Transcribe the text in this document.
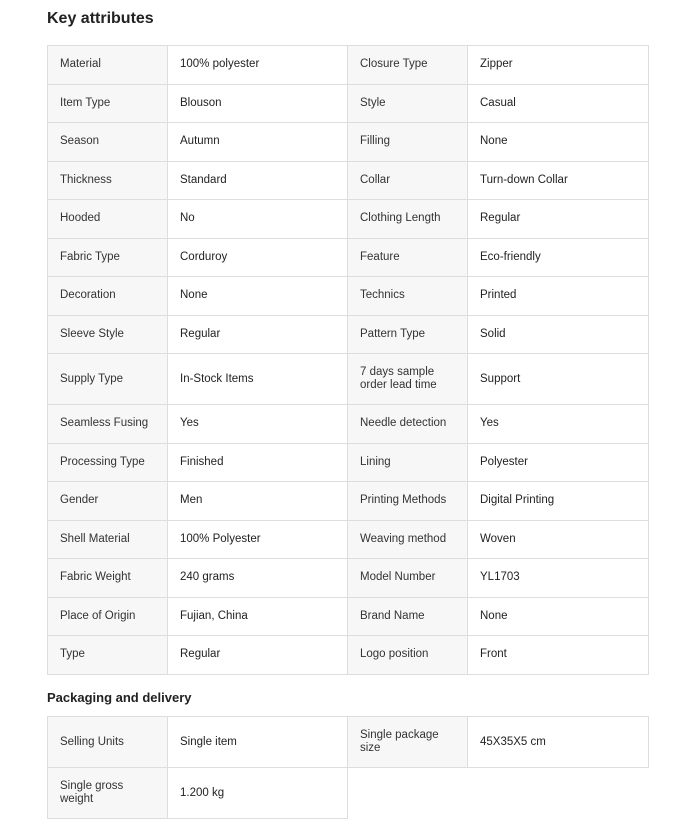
Key attributes
Material	100% polyester	Closure Type	Zipper
Item Type	Blouson	Style	Casual
Season	Autumn	Filling	None
Thickness	Standard	Collar	Turn-down Collar
Hooded	No	Clothing Length	Regular
Fabric Type	Corduroy	Feature	Eco-friendly
Decoration	None	Technics	Printed
Sleeve Style	Regular	Pattern Type	Solid
Supply Type	In-Stock Items	7 days sample order lead time	Support
Seamless Fusing	Yes	Needle detection	Yes
Processing Type	Finished	Lining	Polyester
Gender	Men	Printing Methods	Digital Printing
Shell Material	100% Polyester	Weaving method	Woven
Fabric Weight	240 grams	Model Number	YL1703
Place of Origin	Fujian, China	Brand Name	None
Type	Regular	Logo position	Front
Packaging and delivery
Selling Units	Single item	Single package size	45X35X5 cm
Single gross weight	1.200 kg		
